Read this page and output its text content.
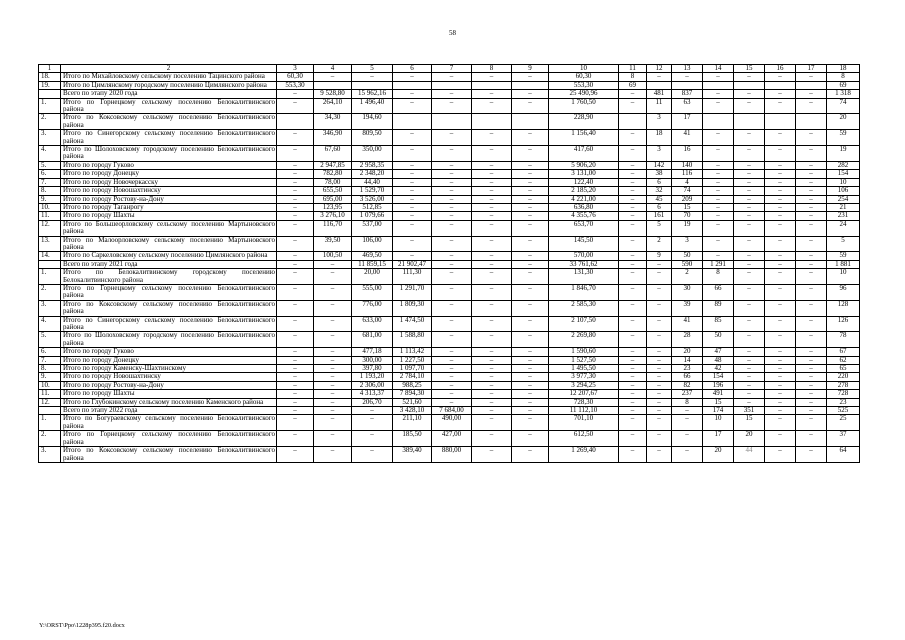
58
1	2	3	4	5	6	7	8	9	10	11	12	13	14	15	16	17	18
18.	Итого по Михайловскому сельскому поселению Тацинского района	60,30	–	–	–	–	–	–	60,30	8	–	–	–	–	–	–	8
19.	Итого по Цимлянскому городскому поселению Цимлянского района	553,30							553,30	69							69
	Всего по этапу 2020 года	–	9 528,80	15 962,16	–	–	–	–	25 490,96	–	481	837	–	–	–	–	1 318
1.	Итого по Горнецкому сельскому поселению Белокалитвинского района	–	264,10	1 496,40	–	–	–	–	1 760,50	–	11	63	–	–	–	–	74
2.	Итого по Коксовскому сельскому поселению Белокалитвинского района		34,30	194,60					228,90		3	17					20
3.	Итого по Синегорскому сельскому поселению Белокалитвинского района	–	346,90	809,50	–	–	–	–	1 156,40	–	18	41	–	–	–	–	59
4.	Итого по Шолоховскому городскому поселению Белокалитвинского района	–	67,60	350,00	–	–	–	–	417,60	–	3	16	–	–	–	–	19
5.	Итого по городу Гуково	–	2 947,85	2 958,35	–	–	–	–	5 906,20	–	142	140	–	–	–	–	282
6.	Итого по городу Донецку	–	782,80	2 348,20	–	–	–	–	3 131,00	–	38	116	–	–	–	–	154
7.	Итого по городу Новочеркасску	–	78,00	44,40	–	–	–	–	122,40	–	6	4	–	–	–	–	10
8.	Итого по городу Новошахтинску	–	655,50	1 529,70	–	–	–	–	2 185,20	–	32	74	–	–	–	–	106
9.	Итого по городу Ростову-на-Дону	–	695,00	3 526,00	–	–	–	–	4 221,00	–	45	209	–	–	–	–	254
10.	Итого по городу Таганрогу	–	123,95	512,85	–	–	–	–	636,80	–	6	15	–	–	–	–	21
11.	Итого по городу Шахты	–	3 276,10	1 079,66	–	–	–	–	4 355,76	–	161	70	–	–	–	–	231
12.	Итого по Большеорловскому сельскому поселению Мартыновского района	–	116,70	537,00	–	–	–	–	653,70	–	5	19	–	–	–	–	24
13.	Итого по Малоорловскому сельскому поселению Мартыновского района	–	39,50	106,00	–	–	–	–	145,50	–	2	3	–	–	–	–	5
14.	Итого по Саркеловскому сельскому поселению Цимлянского района	–	100,50	469,50	–	–	–	–	570,00	–	9	50	–	–	–	–	59
	Всего по этапу 2021 года	–	–	11 859,15	21 902,47	–	–	–	33 761,62	–	–	590	1 291	–	–	–	1 881
1.	Итого по Белокалитвинскому городскому поселению Белокалитвинского района	–	–	20,00	111,30	–	–	–	131,30	–	–	2	8	–	–	–	10
2.	Итого по Горнецкому сельскому поселению Белокалитвинского района	–	–	555,00	1 291,70	–	–	–	1 846,70	–	–	30	66	–	–	–	96
3.	Итого по Коксовскому сельскому поселению Белокалитвинского района	–	–	776,00	1 809,30	–	–	–	2 585,30	–	–	39	89	–	–	–	128
4.	Итого по Синегорскому сельскому поселению Белокалитвинского района	–	–	633,00	1 474,50	–	–	–	2 107,50	–	–	41	85	–	–	–	126
5.	Итого по Шолоховскому городскому поселению Белокалитвинского района	–	–	681,00	1 588,80	–	–	–	2 269,80	–	–	28	50	–	–	–	78
6.	Итого по городу Гуково	–	–	477,18	1 113,42	–	–	–	1 590,60	–	–	20	47	–	–	–	67
7.	Итого по городу Донецку	–	–	300,00	1 227,50	–	–	–	1 527,50	–	–	14	48	–	–	–	62
8.	Итого по городу Каменску-Шахтинскому	–	–	397,80	1 097,70	–	–	–	1 495,50	–	–	23	42	–	–	–	65
9.	Итого по городу Новошахтинску	–	–	1 193,20	2 784,10	–	–	–	3 977,30	–	–	66	154	–	–	–	220
10.	Итого по городу Ростову-на-Дону	–	–	2 306,00	988,25	–	–	–	3 294,25	–	–	82	196	–	–	–	278
11.	Итого по городу Шахты	–	–	4 313,37	7 894,30	–	–	–	12 207,67	–	–	237	491	–	–	–	728
12.	Итого по Глубокинскому сельскому поселению Каменского района	–	–	206,70	521,60	–	–	–	728,30	–	–	8	15	–	–	–	23
	Всего по этапу 2022 года	–	–	–	3 428,10	7 684,00	–	–	11 112,10	–	–	–	174	351	–	–	525
1.	Итого по Богураевскому сельскому поселению Белокалитвинского района	–	–	–	211,10	490,00	–	–	701,10	–	–	–	10	15	–	–	25
2.	Итого по Горнецкому сельскому поселению Белокалитвинского района	–	–	–	185,50	427,00	–	–	612,50	–	–	–	17	20	–	–	37
3.	Итого по Коксовскому сельскому поселению Белокалитвинского района	–	–	–	389,40	880,00	–	–	1 269,40	–	–	–	20	44	–	–	64
Y:\ORST\Ppo\1228p395.f20.docx
